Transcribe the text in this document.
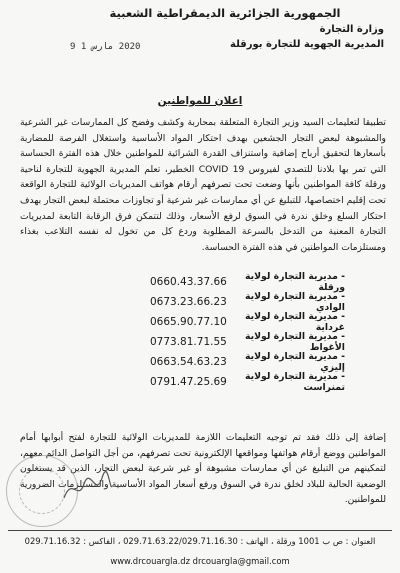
الجمهورية الجزائرية الديمقراطية الشعبية
وزارة التجارة
المديرية الجهوية للتجارة بورقلة
2020 مارس 1 9
اعلان للمواطنين
تطبيقا لتعليمات السيد وزير التجارة المتعلقة بمحاربة وكشف وفضح كل الممارسات غير الشرعية والمشبوهة لبعض التجار الجشعين بهدف احتكار المواد الأساسية واستغلال الفرصة للمضاربة بأسعارها لتحقيق أرباح إضافية واستنزاف القدرة الشرائية للمواطنين خلال هذه الفترة الحساسة التي تمر بها بلادنا للتصدي لفيروس COVID 19 الخطير، تعلم المديرية الجهوية للتجارة لناحية ورقلة كافة المواطنين بأنها وضعت تحت تصرفهم أرقام هواتف المديريات الولائية للتجارة الواقعة تحت إقليم اختصاصها، للتبليغ عن أي ممارسات غير شرعية أو تجاوزات محتملة لبعض التجار بهدف احتكار السلع وخلق ندرة في السوق لرفع الأسعار، وذلك لتتمكن فرق الرقابة التابعة لمديريات التجارة المعنية من التدخل بالسرعة المطلوبة وردع كل من تخول له نفسه التلاعب بغذاء ومستلزمات المواطنين في هذه الفترة الحساسة.
- مديرية التجارة لولاية ورقلة
0660.43.37.66
- مديرية التجارة لولاية الوادي
0673.23.66.23
- مديرية التجارة لولاية غرداية
0665.90.77.10
- مديرية التجارة لولاية الأغواط
0773.81.71.55
- مديرية التجارة لولاية إليزي
0663.54.63.23
- مديرية التجارة لولاية تمنراست
0791.47.25.69
إضافة إلى ذلك فقد تم توجيه التعليمات اللازمة للمديريات الولائية للتجارة لفتح أبوابها أمام المواطنين ووضع أرقام هواتفها ومواقعها الإلكترونية تحت تصرفهم، من أجل التواصل الدائم معهم، لتمكينهم من التبليغ عن أي ممارسات مشبوهة أو غير شرعية لبعض التجار، الذين قد يستغلون الوضعية الحالية للبلاد لخلق ندرة في السوق ورفع أسعار المواد الأساسية والمستلزمات الضرورية للمواطنين.
العنوان : ص ب 1001 ورقلة ، الهاتف : 029.71.63.22/029.71.16.30 ، الفاكس : 029.71.16.32
www.drcouargla.dz drcouargla@gmail.com
